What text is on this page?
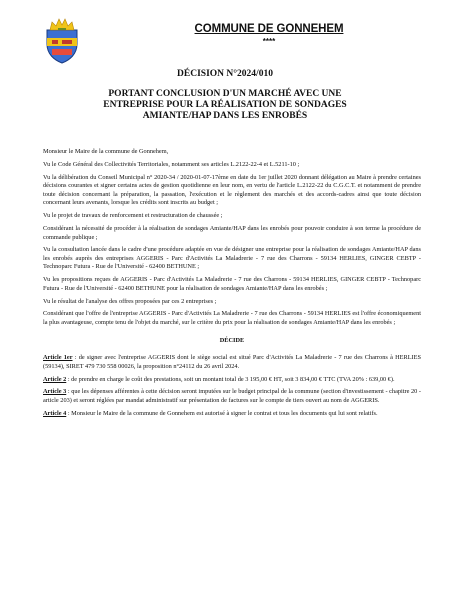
COMMUNE DE GONNEHEM
****
DÉCISION N°2024/010
PORTANT CONCLUSION D'UN MARCHÉ AVEC UNE
ENTREPRISE POUR LA RÉALISATION DE SONDAGES
AMIANTE/HAP DANS LES ENROBÉS

Monsieur le Maire de la commune de Gonnehem,

Vu le Code Général des Collectivités Territoriales, notamment ses articles L.2122-22-4 et L.5211-10 ;

Vu la délibération du Conseil Municipal n° 2020-34 / 2020-01-07-17ème en date du 1er juillet 2020 donnant délégation au Maire à prendre certaines décisions courantes et signer certains actes de gestion quotidienne en leur nom, en vertu de l'article L.2122-22 du C.G.C.T. et notamment de prendre toute décision concernant la préparation, la passation, l'exécution et le règlement des marchés et des accords-cadres ainsi que toute décision concernant leurs avenants, lorsque les crédits sont inscrits au budget ;

Vu le projet de travaux de renforcement et restructuration de chaussée ;

Considérant la nécessité de procéder à la réalisation de sondages Amiante/HAP dans les enrobés pour pouvoir conduire à son terme la procédure de commande publique ;

Vu la consultation lancée dans le cadre d'une procédure adaptée en vue de désigner une entreprise pour la réalisation de sondages Amiante/HAP dans les enrobés auprès des entreprises AGGERIS - Parc d'Activités La Maladrerie - 7 rue des Charrons - 59134 HERLIES, GINGER CEBTP - Technoparc Futura - Rue de l'Université - 62400 BETHUNE ;

Vu les propositions reçues de AGGERIS - Parc d'Activités La Maladrerie - 7 rue des Charrons - 59134 HERLIES, GINGER CEBTP - Technoparc Futura - Rue de l'Université - 62400 BETHUNE pour la réalisation de sondages Amiante/HAP dans les enrobés ;

Vu le résultat de l'analyse des offres proposées par ces 2 entreprises ;

Considérant que l'offre de l'entreprise AGGERIS - Parc d'Activités La Maladrerie - 7 rue des Charrons - 59134 HERLIES est l'offre économiquement la plus avantageuse, compte tenu de l'objet du marché, sur le critère du prix pour la réalisation de sondages Amiante/HAP dans les enrobés ;

DÉCIDE

Article 1er : de signer avec l'entreprise AGGERIS dont le siège social est situé Parc d'Activités La Maladrerie - 7 rue des Charrons à HERLIES (59134), SIRET 479 730 558 00026, la proposition n°24112 du 26 avril 2024.

Article 2 : de prendre en charge le coût des prestations, soit un montant total de 3 195,00 € HT, soit 3 834,00 € TTC (TVA 20% : 639,00 €).

Article 3 : que les dépenses afférentes à cette décision seront imputées sur le budget principal de la commune (section d'investissement - chapitre 20 - article 203) et seront réglées par mandat administratif sur présentation de factures sur le compte de tiers ouvert au nom de AGGERIS.

Article 4 : Monsieur le Maire de la commune de Gonnehem est autorisé à signer le contrat et tous les documents qui lui sont relatifs.
